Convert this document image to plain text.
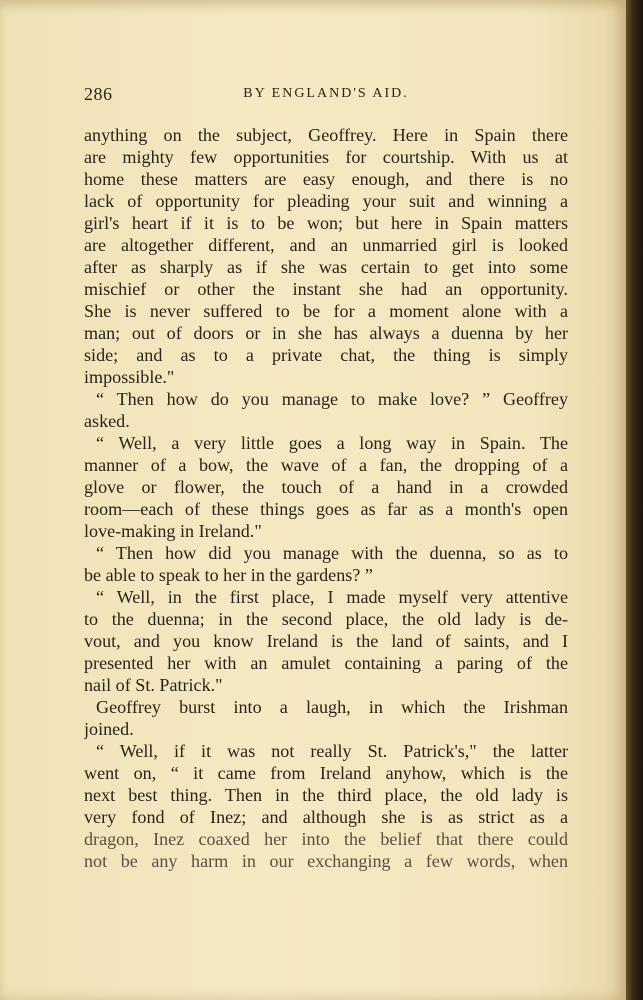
286	BY ENGLAND'S AID.
anything on the subject, Geoffrey. Here in Spain there
are mighty few opportunities for courtship. With us at
home these matters are easy enough, and there is no
lack of opportunity for pleading your suit and winning a
girl's heart if it is to be won; but here in Spain matters
are altogether different, and an unmarried girl is looked
after as sharply as if she was certain to get into some
mischief or other the instant she had an opportunity.
She is never suffered to be for a moment alone with a
man; out of doors or in she has always a duenna by her
side; and as to a private chat, the thing is simply
impossible."
“ Then how do you manage to make love? ” Geoffrey
asked.
“ Well, a very little goes a long way in Spain. The
manner of a bow, the wave of a fan, the dropping of a
glove or flower, the touch of a hand in a crowded
room—each of these things goes as far as a month's open
love-making in Ireland."
“ Then how did you manage with the duenna, so as to
be able to speak to her in the gardens? ”
“ Well, in the first place, I made myself very attentive
to the duenna; in the second place, the old lady is de-
vout, and you know Ireland is the land of saints, and I
presented her with an amulet containing a paring of the
nail of St. Patrick."
Geoffrey burst into a laugh, in which the Irishman
joined.
“ Well, if it was not really St. Patrick's," the latter
went on, “ it came from Ireland anyhow, which is the
next best thing. Then in the third place, the old lady is
very fond of Inez; and although she is as strict as a
dragon, Inez coaxed her into the belief that there could
not be any harm in our exchanging a few words, when
